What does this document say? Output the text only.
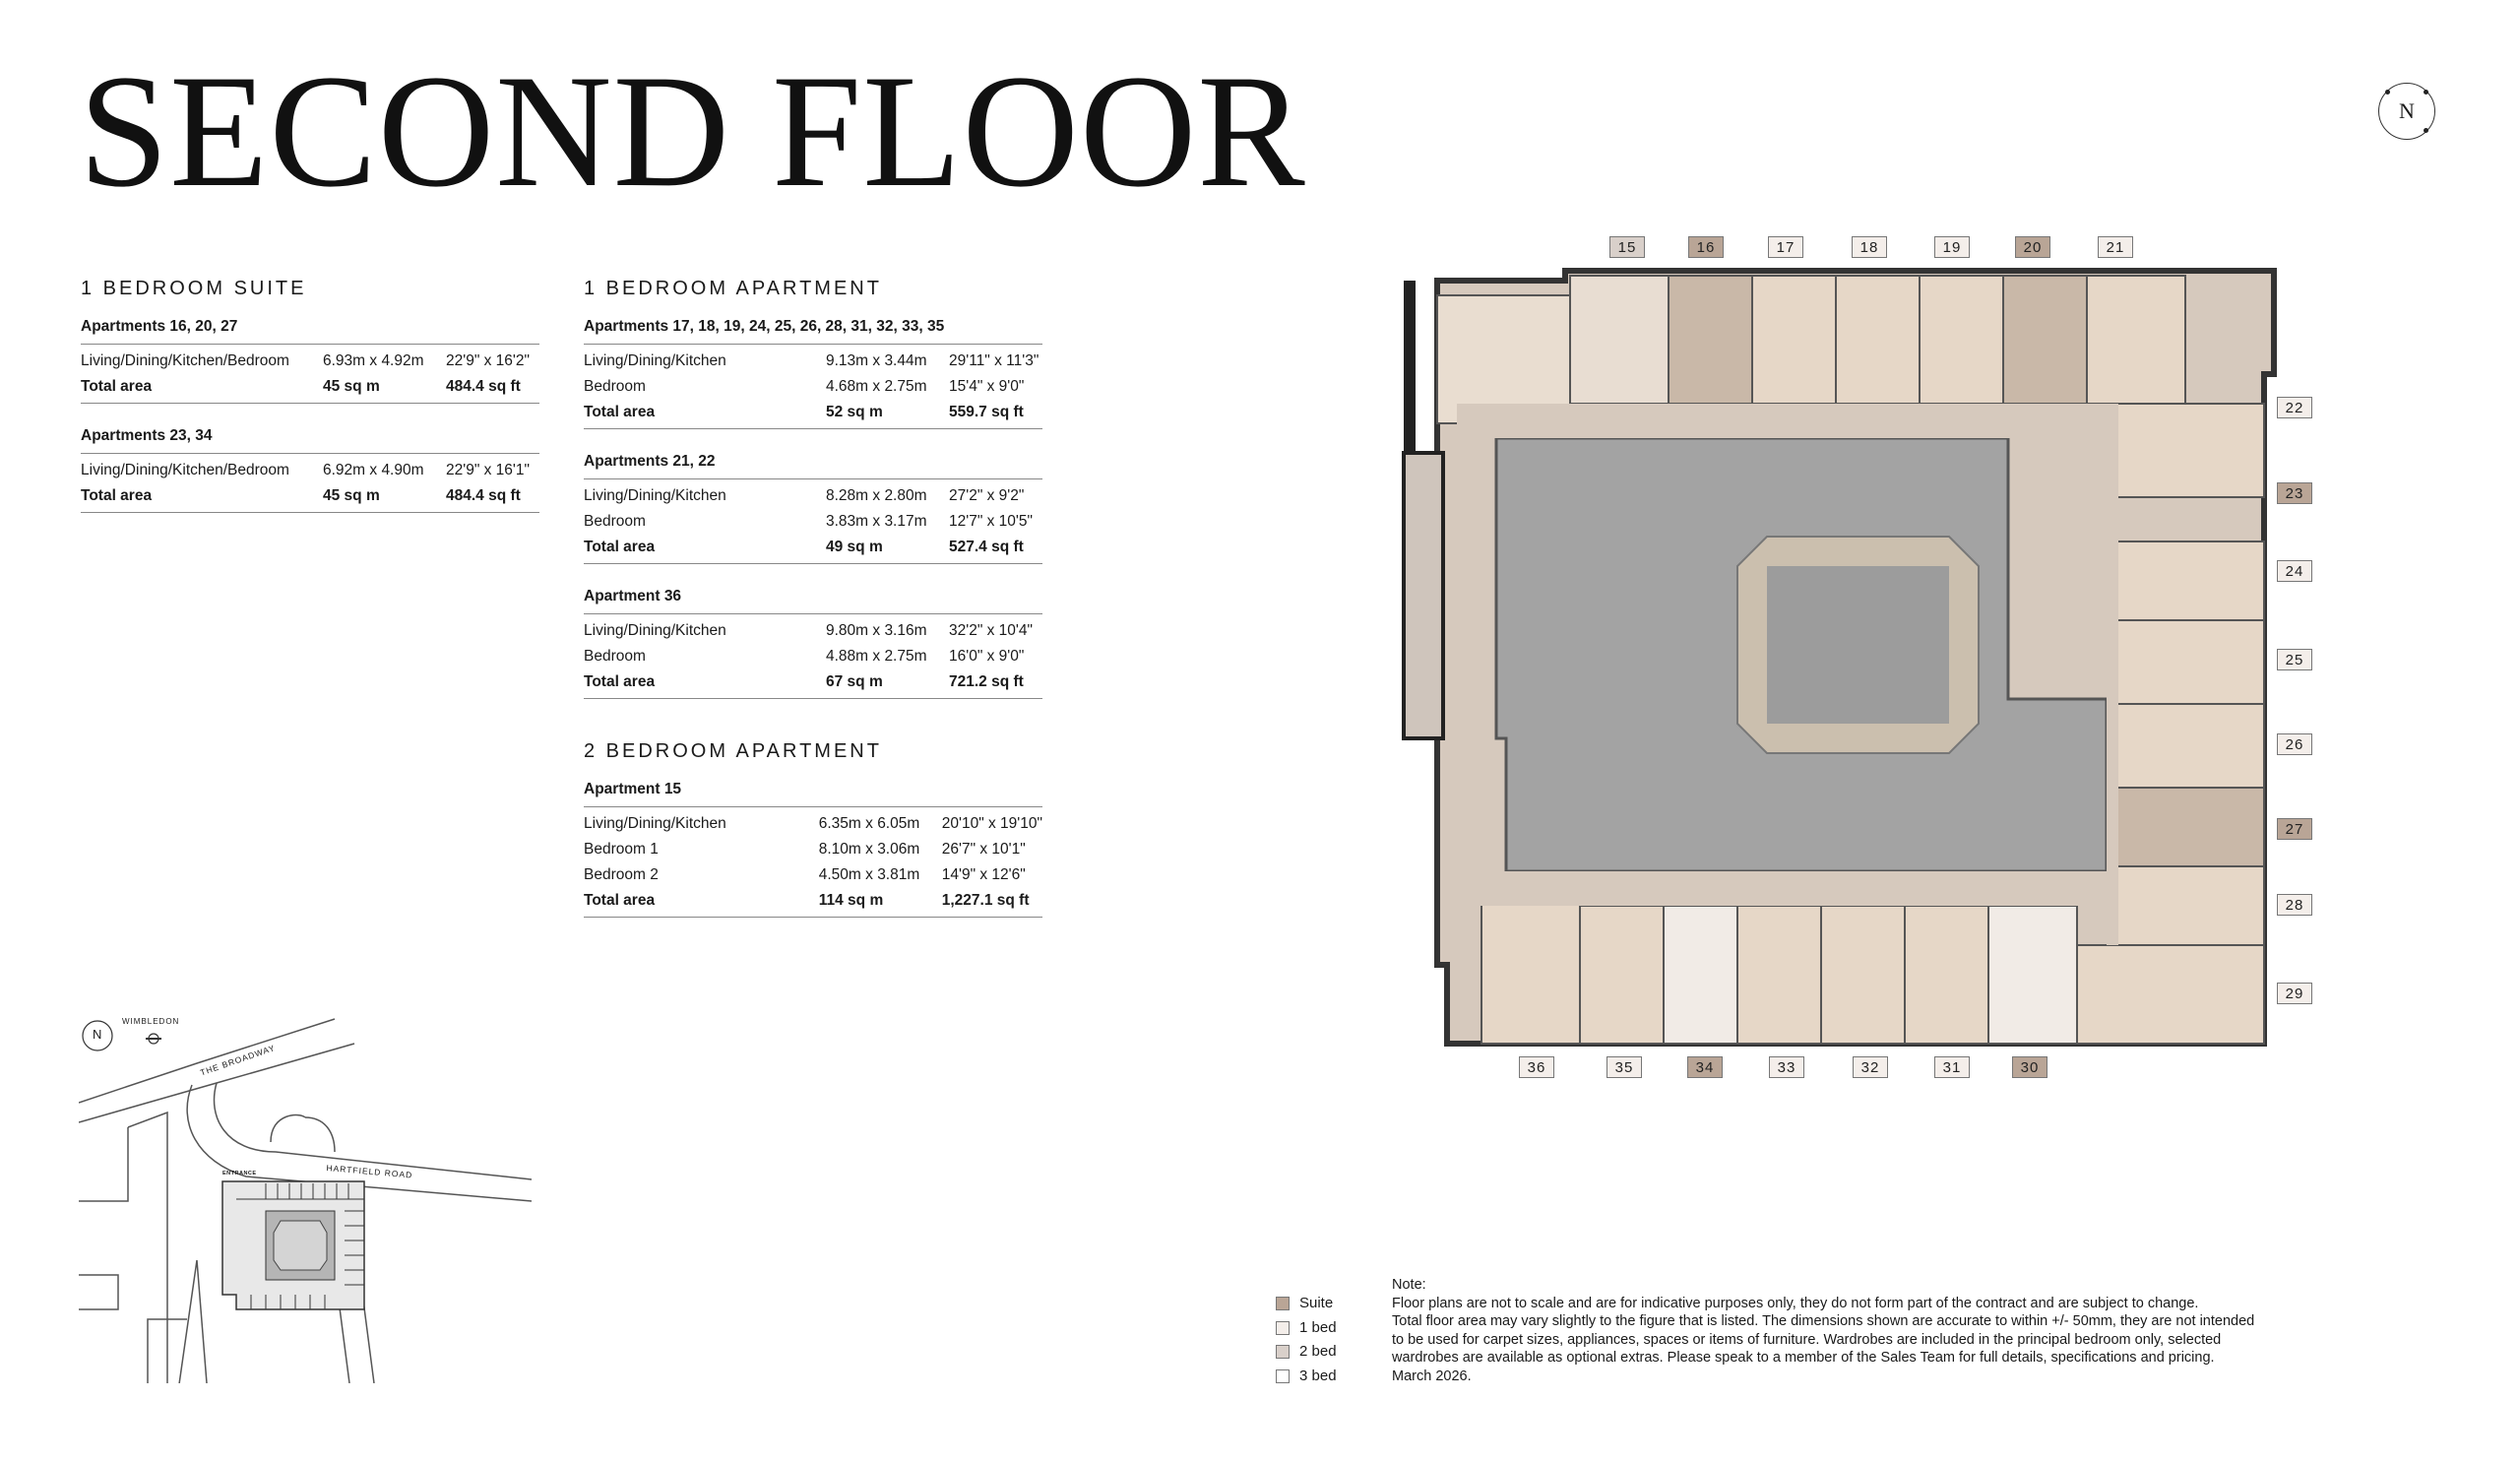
SECOND FLOOR	N
1 BEDROOM SUITE
Apartments 16, 20, 27
Living/Dining/Kitchen/Bedroom	6.93m x 4.92m	22'9" x 16'2"
Total area	45 sq m	484.4 sq ft
Apartments 23, 34
Living/Dining/Kitchen/Bedroom	6.92m x 4.90m	22'9" x 16'1"
Total area	45 sq m	484.4 sq ft
1 BEDROOM APARTMENT
Apartments 17, 18, 19, 24, 25, 26, 28, 31, 32, 33, 35
Living/Dining/Kitchen	9.13m x 3.44m	29'11" x 11'3"
Bedroom	4.68m x 2.75m	15'4" x 9'0"
Total area	52 sq m	559.7 sq ft
Apartments 21, 22
Living/Dining/Kitchen	8.28m x 2.80m	27'2" x 9'2"
Bedroom	3.83m x 3.17m	12'7" x 10'5"
Total area	49 sq m	527.4 sq ft
Apartment 36
Living/Dining/Kitchen	9.80m x 3.16m	32'2" x 10'4"
Bedroom	4.88m x 2.75m	16'0" x 9'0"
Total area	67 sq m	721.2 sq ft
2 BEDROOM APARTMENT
Apartment 15
Living/Dining/Kitchen	6.35m x 6.05m	20'10" x 19'10"
Bedroom 1	8.10m x 3.06m	26'7" x 10'1"
Bedroom 2	4.50m x 3.81m	14'9" x 12'6"
Total area	114 sq m	1,227.1 sq ft
15	16	17	18	19	20	21
22
23
24
25
26
27
28
29
36	35	34	33	32	31	30
N
WIMBLEDON
THE BROADWAY
HARTFIELD ROAD
ENTRANCE
Suite
1 bed
2 bed
3 bed
Note:
Floor plans are not to scale and are for indicative purposes only, they do not form part of the contract and are subject to change.
Total floor area may vary slightly to the figure that is listed. The dimensions shown are accurate to within +/- 50mm, they are not intended
to be used for carpet sizes, appliances, spaces or items of furniture. Wardrobes are included in the principal bedroom only, selected
wardrobes are available as optional extras. Please speak to a member of the Sales Team for full details, specifications and pricing.
March 2026.
